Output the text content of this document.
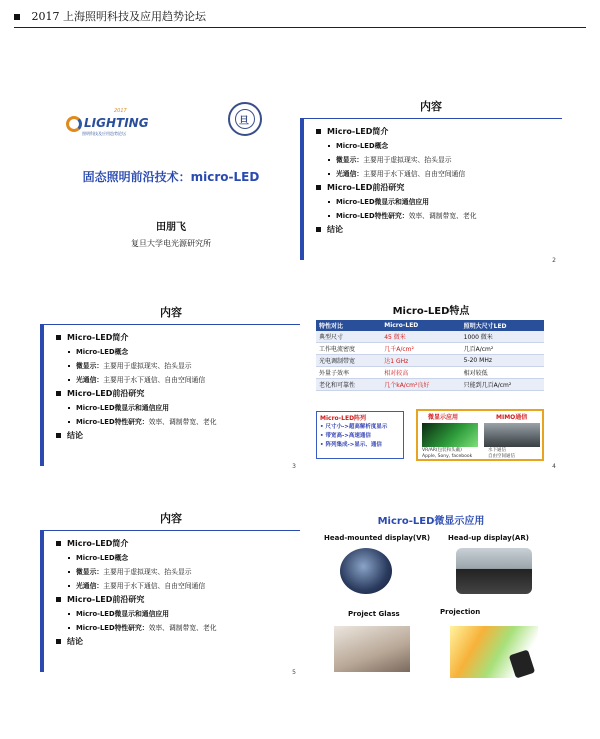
2017 上海照明科技及应用趋势论坛
2017
LIGHTING
照明科技及应用趋势论坛
旦
固态照明前沿技术：micro-LED
田朋飞
复旦大学电光源研究所
内容
Micro-LED简介
Micro-LED概念
微显示：主要用于虚拟现实、抬头显示
光通信：主要用于水下通信、自由空间通信
Micro-LED前沿研究
Micro-LED微显示和通信应用
Micro-LED特性研究：效率、调制带宽、老化
结论
2
内容
Micro-LED简介
Micro-LED概念
微显示：主要用于虚拟现实、抬头显示
光通信：主要用于水下通信、自由空间通信
Micro-LED前沿研究
Micro-LED微显示和通信应用
Micro-LED特性研究：效率、调制带宽、老化
结论
3
Micro-LED特点
特性对比	Micro-LED	照明大尺寸LED
典型尺寸	45 微米	1000 微米
工作电流密度	几千A/cm²	几百A/cm²
光电调制带宽	达1 GHz	5-20 MHz
外量子效率	相对较高	相对较低
老化和可靠性	几个kA/cm²良好	只能到几百A/cm²
Micro-LED阵列
• 尺寸小->超高解析度显示
• 带宽高->高速通信
• 阵列集成->显示、通信
微显示应用	MIMO通信
VR/AR(包装和头戴)
Apple, Sony, facebook
水下通信
自由空间通信
4
内容
Micro-LED简介
Micro-LED概念
微显示：主要用于虚拟现实、抬头显示
光通信：主要用于水下通信、自由空间通信
Micro-LED前沿研究
Micro-LED微显示和通信应用
Micro-LED特性研究：效率、调制带宽、老化
结论
5
Micro-LED微显示应用
Head-mounted display(VR)	Head-up display(AR)
Project Glass	Projection
